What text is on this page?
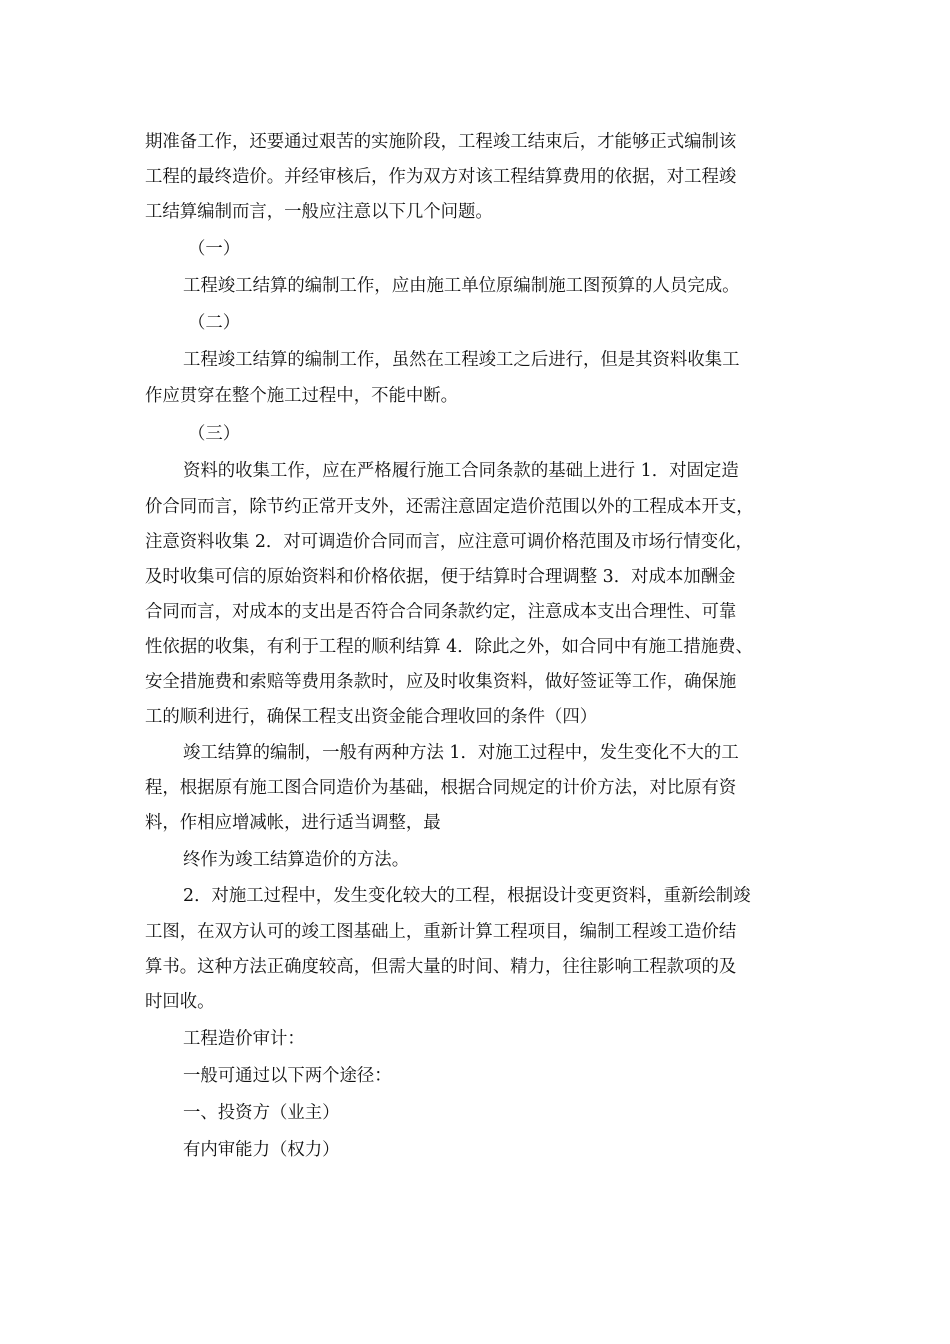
期准备工作，还要通过艰苦的实施阶段，工程竣工结束后，才能够正式编制该
工程的最终造价。并经审核后，作为双方对该工程结算费用的依据，对工程竣
工结算编制而言，一般应注意以下几个问题。
（一）
工程竣工结算的编制工作，应由施工单位原编制施工图预算的人员完成。
（二）
工程竣工结算的编制工作，虽然在工程竣工之后进行，但是其资料收集工
作应贯穿在整个施工过程中，不能中断。
（三）
资料的收集工作，应在严格履行施工合同条款的基础上进行 1．对固定造
价合同而言，除节约正常开支外，还需注意固定造价范围以外的工程成本开支，
注意资料收集 2．对可调造价合同而言，应注意可调价格范围及市场行情变化，
及时收集可信的原始资料和价格依据，便于结算时合理调整 3．对成本加酬金
合同而言，对成本的支出是否符合合同条款约定，注意成本支出合理性、可靠
性依据的收集，有利于工程的顺利结算 4．除此之外，如合同中有施工措施费、
安全措施费和索赔等费用条款时，应及时收集资料，做好签证等工作，确保施
工的顺利进行，确保工程支出资金能合理收回的条件（四）
竣工结算的编制，一般有两种方法 1．对施工过程中，发生变化不大的工
程，根据原有施工图合同造价为基础，根据合同规定的计价方法，对比原有资
料，作相应增减帐，进行适当调整，最
终作为竣工结算造价的方法。
2．对施工过程中，发生变化较大的工程，根据设计变更资料，重新绘制竣
工图，在双方认可的竣工图基础上，重新计算工程项目，编制工程竣工造价结
算书。这种方法正确度较高，但需大量的时间、精力，往往影响工程款项的及
时回收。
工程造价审计：
一般可通过以下两个途径：
一、投资方（业主）
有内审能力（权力）
